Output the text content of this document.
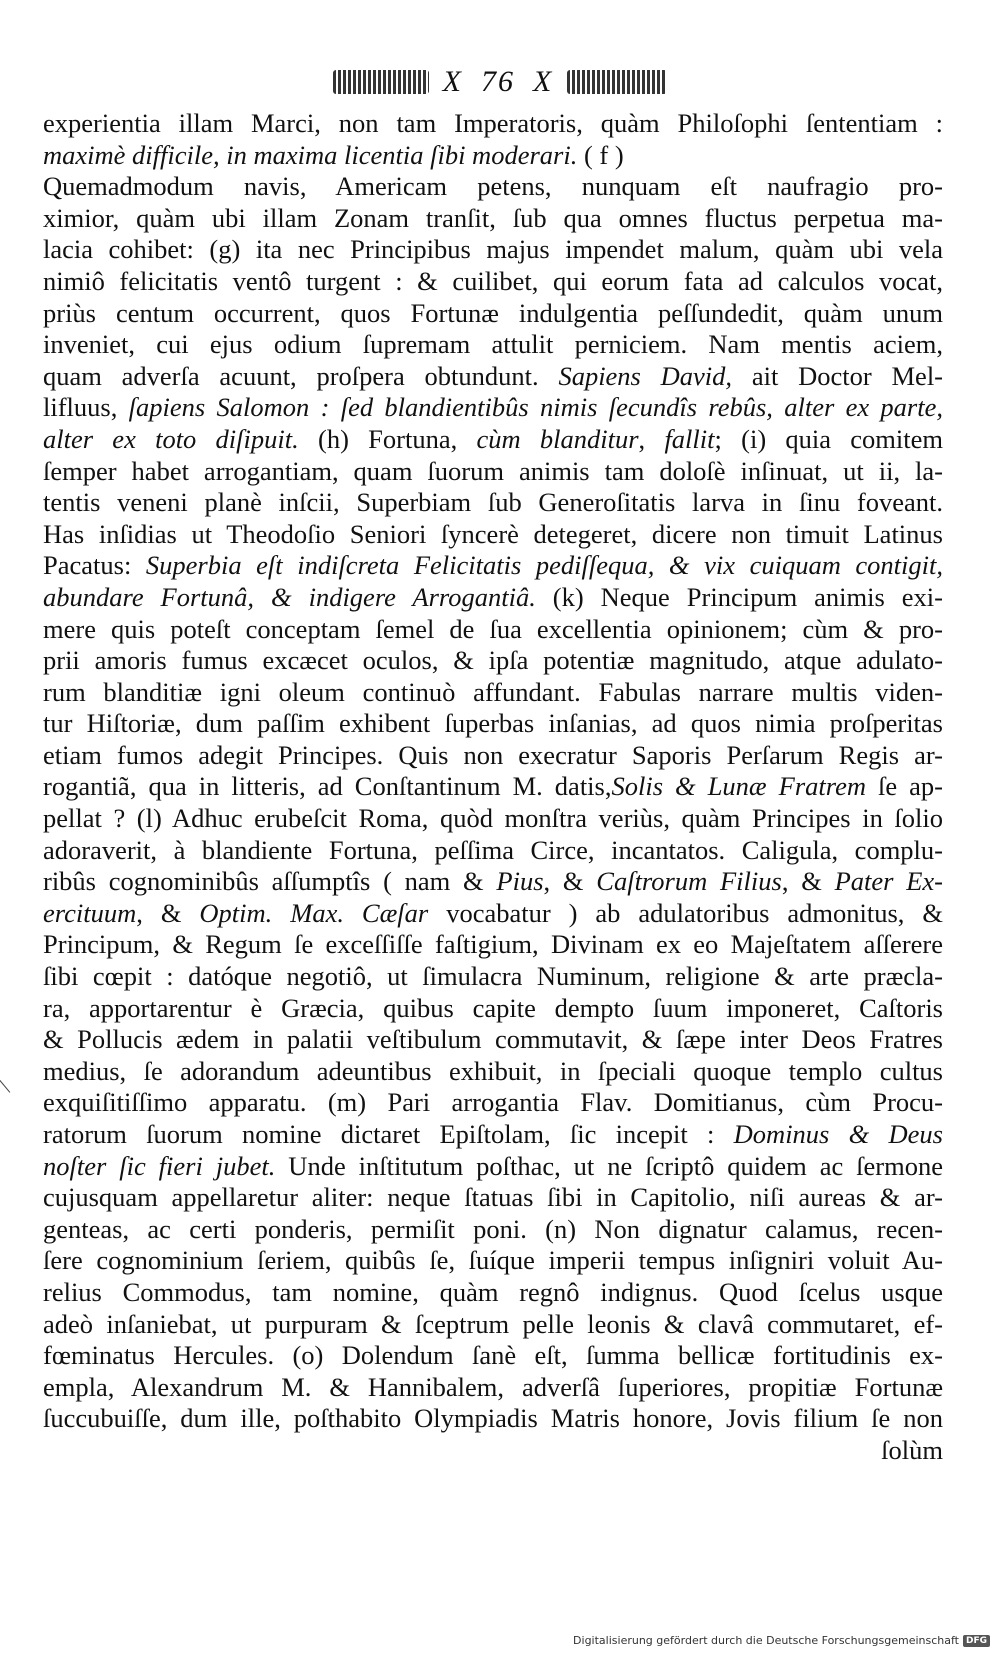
X 76 X
experientia illam Marci, non tam Imperatoris, quàm Philoſophi ſententiam :
maximè difficile, in maxima licentia ſibi moderari. ( f )
Quemadmodum navis, Americam petens, nunquam eſt naufragio pro-
ximior, quàm ubi illam Zonam tranſit, ſub qua omnes fluctus perpetua ma-
lacia cohibet: (g) ita nec Principibus majus impendet malum, quàm ubi vela
nimiô felicitatis ventô turgent : & cuilibet, qui eorum fata ad calculos vocat,
priùs centum occurrent, quos Fortunæ indulgentia peſſundedit, quàm unum
inveniet, cui ejus odium ſupremam attulit perniciem. Nam mentis aciem,
quam adverſa acuunt, proſpera obtundunt. Sapiens David, ait Doctor Mel-
lifluus, ſapiens Salomon : ſed blandientibûs nimis ſecundîs rebûs, alter ex parte,
alter ex toto diſipuit. (h) Fortuna, cùm blanditur, fallit; (i) quia comitem
ſemper habet arrogantiam, quam ſuorum animis tam doloſè inſinuat, ut ii, la-
tentis veneni planè inſcii, Superbiam ſub Generoſitatis larva in ſinu foveant.
Has inſidias ut Theodoſio Seniori ſyncerè detegeret, dicere non timuit Latinus
Pacatus: Superbia eſt indiſcreta Felicitatis pediſſequa, & vix cuiquam contigit,
abundare Fortunâ, & indigere Arrogantiâ. (k) Neque Principum animis exi-
mere quis poteſt conceptam ſemel de ſua excellentia opinionem; cùm & pro-
prii amoris fumus excæcet oculos, & ipſa potentiæ magnitudo, atque adulato-
rum blanditiæ igni oleum continuò affundant. Fabulas narrare multis viden-
tur Hiſtoriæ, dum paſſim exhibent ſuperbas inſanias, ad quos nimia proſperitas
etiam fumos adegit Principes. Quis non execratur Saporis Perſarum Regis ar-
rogantiã, qua in litteris, ad Conſtantinum M. datis,Solis & Lunæ Fratrem ſe ap-
pellat ? (l) Adhuc erubeſcit Roma, quòd monſtra veriùs, quàm Principes in ſolio
adoraverit, à blandiente Fortuna, peſſima Circe, incantatos. Caligula, complu-
ribûs cognominibûs aſſumptîs ( nam & Pius, & Caſtrorum Filius, & Pater Ex-
ercituum, & Optim. Max. Cæſar vocabatur ) ab adulatoribus admonitus, &
Principum, & Regum ſe exceſſiſſe faſtigium, Divinam ex eo Majeſtatem aſſerere
ſibi cœpit : datóque negotiô, ut ſimulacra Numinum, religione & arte præcla-
ra, apportarentur è Græcia, quibus capite dempto ſuum imponeret, Caſtoris
& Pollucis ædem in palatii veſtibulum commutavit, & ſæpe inter Deos Fratres
medius, ſe adorandum adeuntibus exhibuit, in ſpeciali quoque templo cultus
exquiſitiſſimo apparatu. (m) Pari arrogantia Flav. Domitianus, cùm Procu-
ratorum ſuorum nomine dictaret Epiſtolam, ſic incepit : Dominus & Deus
noſter ſic fieri jubet. Unde inſtitutum poſthac, ut ne ſcriptô quidem ac ſermone
cujusquam appellaretur aliter: neque ſtatuas ſibi in Capitolio, niſi aureas & ar-
genteas, ac certi ponderis, permiſit poni. (n) Non dignatur calamus, recen-
ſere cognominium ſeriem, quibûs ſe, ſuíque imperii tempus inſigniri voluit Au-
relius Commodus, tam nomine, quàm regnô indignus. Quod ſcelus usque
adeò inſaniebat, ut purpuram & ſceptrum pelle leonis & clavâ commutaret, ef-
fœminatus Hercules. (o) Dolendum ſanè eſt, ſumma bellicæ fortitudinis ex-
empla, Alexandrum M. & Hannibalem, adverſâ ſuperiores, propitiæ Fortunæ
ſuccubuiſſe, dum ille, poſthabito Olympiadis Matris honore, Jovis filium ſe non
ſolùm
Digitalisierung gefördert durch die Deutsche Forschungsgemeinschaft DFG
